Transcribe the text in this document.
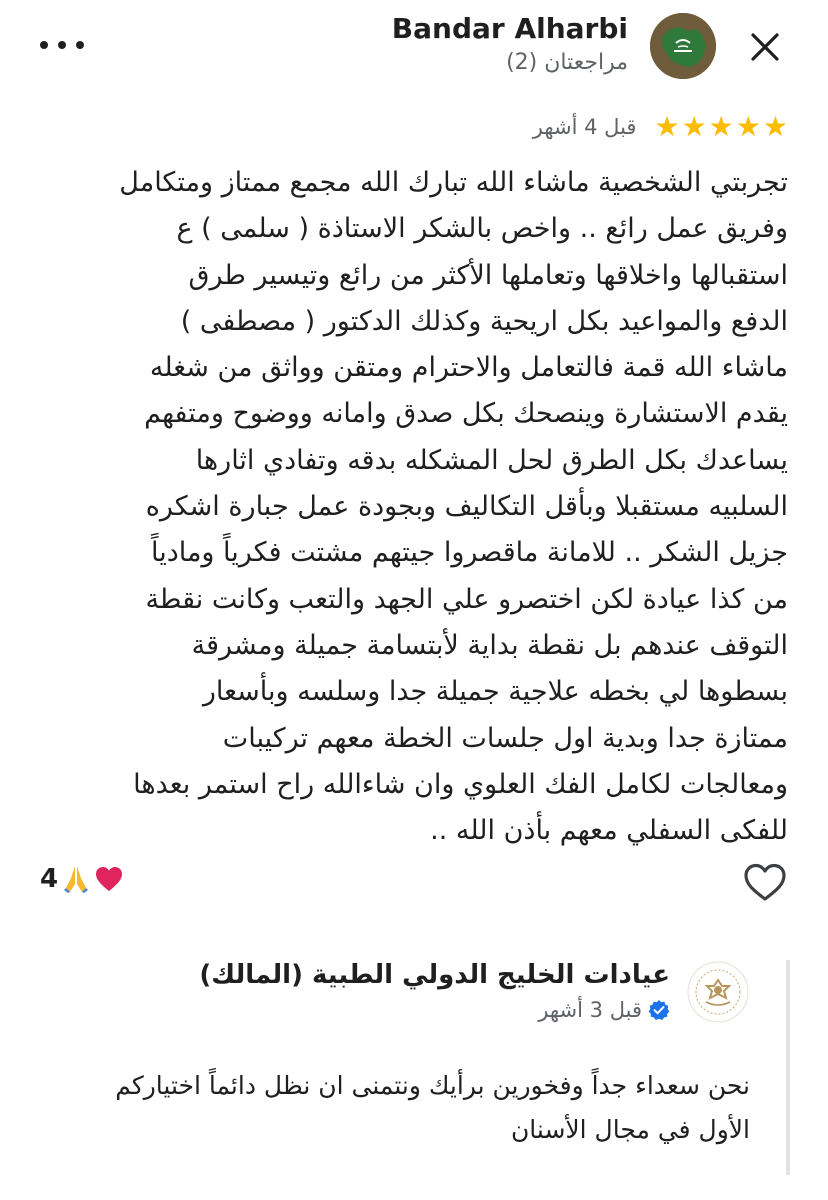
Bandar Alharbi
مراجعتان (2)
★ ★ ★ ★ ★
قبل 4 أشهر

تجربتي الشخصية ماشاء الله تبارك الله مجمع ممتاز ومتكامل

وفريق عمل رائع .. واخص بالشكر الاستاذة ( سلمى ) ع

استقبالها واخلاقها وتعاملها الأكثر من رائع وتيسير طرق

الدفع والمواعيد بكل اريحية وكذلك الدكتور ( مصطفى )

ماشاء الله قمة فالتعامل والاحترام ومتقن وواثق من شغله

يقدم الاستشارة وينصحك بكل صدق وامانه ووضوح ومتفهم

يساعدك بكل الطرق لحل المشكله بدقه وتفادي اثارها

السلبيه مستقبلا وبأقل التكاليف وبجودة عمل جبارة اشكره

جزيل الشكر .. للامانة ماقصروا جيتهم مشتت فكرياً ومادياً

من كذا عيادة لكن اختصرو علي الجهد والتعب وكانت نقطة

التوقف عندهم بل نقطة بداية لأبتسامة جميلة ومشرقة

بسطوها لي بخطه علاجية جميلة جدا وسلسه وبأسعار

ممتازة جدا وبدية اول جلسات الخطة معهم تركيبات

ومعالجات لكامل الفك العلوي وان شاءالله راح استمر بعدها

للفكى السفلي معهم بأذن الله ..

4
عيادات الخليج الدولي الطبية (المالك)
قبل 3 أشهر

نحن سعداء جداً وفخورين برأيك ونتمنى ان نظل دائماً اختياركم

الأول في مجال الأسنان
